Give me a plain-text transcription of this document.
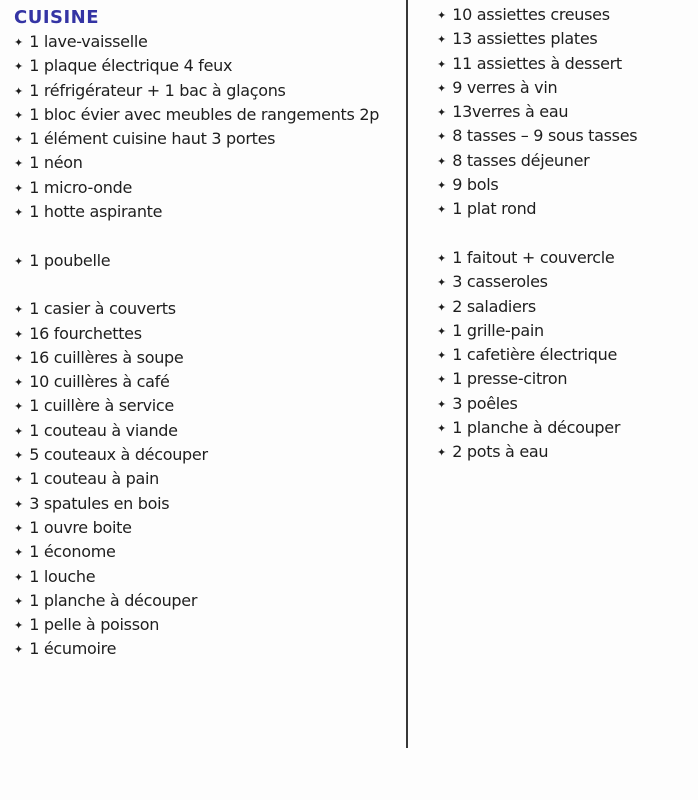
CUISINE
✦ 1 lave-vaisselle
✦ 1 plaque électrique 4 feux
✦ 1 réfrigérateur + 1 bac à glaçons
✦ 1 bloc évier avec meubles de rangements 2p
✦ 1 élément cuisine haut 3 portes
✦ 1 néon
✦ 1 micro-onde
✦ 1 hotte aspirante
✦ 1 poubelle
✦ 1 casier à couverts
✦ 16 fourchettes
✦ 16 cuillères à soupe
✦ 10 cuillères à café
✦ 1 cuillère à service
✦ 1 couteau à viande
✦ 5 couteaux à découper
✦ 1 couteau à pain
✦ 3 spatules en bois
✦ 1 ouvre boite
✦ 1 économe
✦ 1 louche
✦ 1 planche à découper
✦ 1 pelle à poisson
✦ 1 écumoire
✦ 10 assiettes creuses
✦ 13 assiettes plates
✦ 11 assiettes à dessert
✦ 9 verres à vin
✦ 13verres à eau
✦ 8 tasses – 9 sous tasses
✦ 8 tasses déjeuner
✦ 9 bols
✦ 1 plat rond
✦ 1 faitout + couvercle
✦ 3 casseroles
✦ 2 saladiers
✦ 1 grille-pain
✦ 1 cafetière électrique
✦ 1 presse-citron
✦ 3 poêles
✦ 1 planche à découper
✦ 2 pots à eau
